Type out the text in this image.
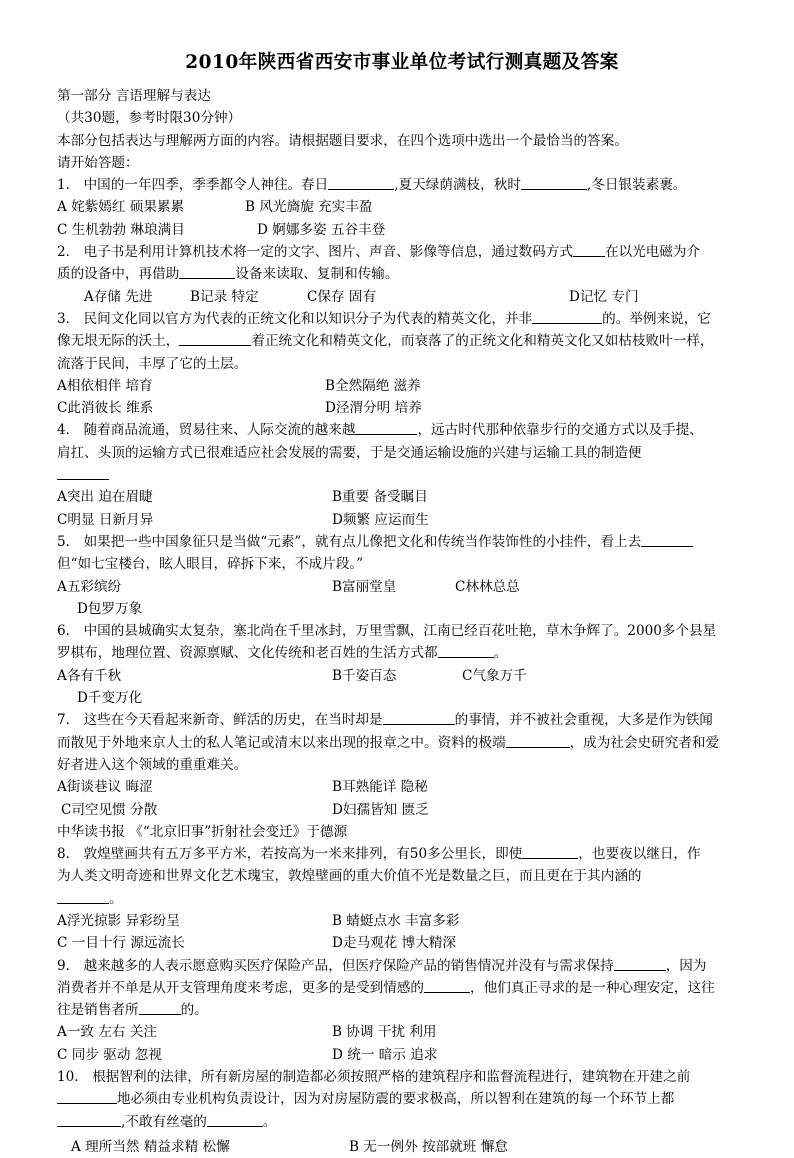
2010年陕西省西安市事业单位考试行测真题及答案
第一部分 言语理解与表达
（共30题，参考时限30分钟）
本部分包括表达与理解两方面的内容。请根据题目要求，在四个选项中选出一个最恰当的答案。
请开始答题：
1． 中国的一年四季，季季都令人神往。春日	,夏天绿荫满枝，秋时	,冬日银装素裹。
A 姹紫嫣红 硕果累累	B 风光旖旎 充实丰盈
C 生机勃勃 琳琅满目	D 婀娜多姿 五谷丰登
2． 电子书是利用计算机技术将一定的文字、图片、声音、影像等信息，通过数码方式 在以光电磁为介
质的设备中，再借助	设备来读取、复制和传输。
A存储 先进	B记录 特定	C保存 固有	D记忆 专门
3． 民间文化同以官方为代表的正统文化和以知识分子为代表的精英文化，并非	的。举例来说，它
像无垠无际的沃土，	着正统文化和精英文化，而衰落了的正统文化和精英文化又如枯枝败叶一样，
流落于民间，丰厚了它的土层。
A相依相伴 培育	B全然隔绝 滋养
C此消彼长 维系	D泾渭分明 培养
4． 随着商品流通，贸易往来、人际交流的越来越	，远古时代那种依靠步行的交通方式以及手提、
肩扛、头顶的运输方式已很难适应社会发展的需要，于是交通运输设施的兴建与运输工具的制造便
A突出 迫在眉睫	B重要 备受瞩目
C明显 日新月异	D频繁 应运而生
5． 如果把一些中国象征只是当做“元素”，就有点儿像把文化和传统当作装饰性的小挂件，看上去
但“如七宝楼台，眩人眼目，碎拆下来，不成片段。”
A五彩缤纷	B富丽堂皇	C林林总总
D包罗万象
6． 中国的县城确实太复杂，塞北尚在千里冰封，万里雪飘，江南已经百花吐艳，草木争辉了。2000多个县星
罗棋布，地理位置、资源禀赋、文化传统和老百姓的生活方式都	。
A各有千秋	B千姿百态	C气象万千
D千变万化
7． 这些在今天看起来新奇、鲜活的历史，在当时却是	的事情，并不被社会重视，大多是作为铁闻
而散见于外地来京人士的私人笔记或清末以来出现的报章之中。资料的极端	，成为社会史研究者和爱
好者进入这个领域的重重难关。
A街谈巷议 晦涩	B耳熟能详 隐秘
C司空见惯 分散	D妇孺皆知 匮乏
中华读书报 《“北京旧事”折射社会变迁》于德源
8． 敦煌壁画共有五万多平方米，若按高为一米来排列，有50多公里长，即使	，也要夜以继日，作
为人类文明奇迹和世界文化艺术瑰宝，敦煌壁画的重大价值不光是数量之巨，而且更在于其内涵的
。
A浮光掠影 异彩纷呈	B 蜻蜓点水 丰富多彩
C 一目十行 源远流长	D走马观花 博大精深
9． 越来越多的人表示愿意购买医疗保险产品，但医疗保险产品的销售情况并没有与需求保持	，因为
消费者并不单是从开支管理角度来考虑，更多的是受到情感的	，他们真正寻求的是一种心理安定，这往
往是销售者所	的。
A一致 左右 关注	B 协调 干扰 利用
C 同步 驱动 忽视	D 统一 暗示 追求
10． 根据智利的法律，所有新房屋的制造都必须按照严格的建筑程序和监督流程进行，建筑物在开建之前
地必须由专业机构负责设计，因为对房屋防震的要求极高，所以智利在建筑的每一个环节上都
,不敢有丝毫的	。
A 理所当然 精益求精 松懈	B 无一例外 按部就班 懈怠
